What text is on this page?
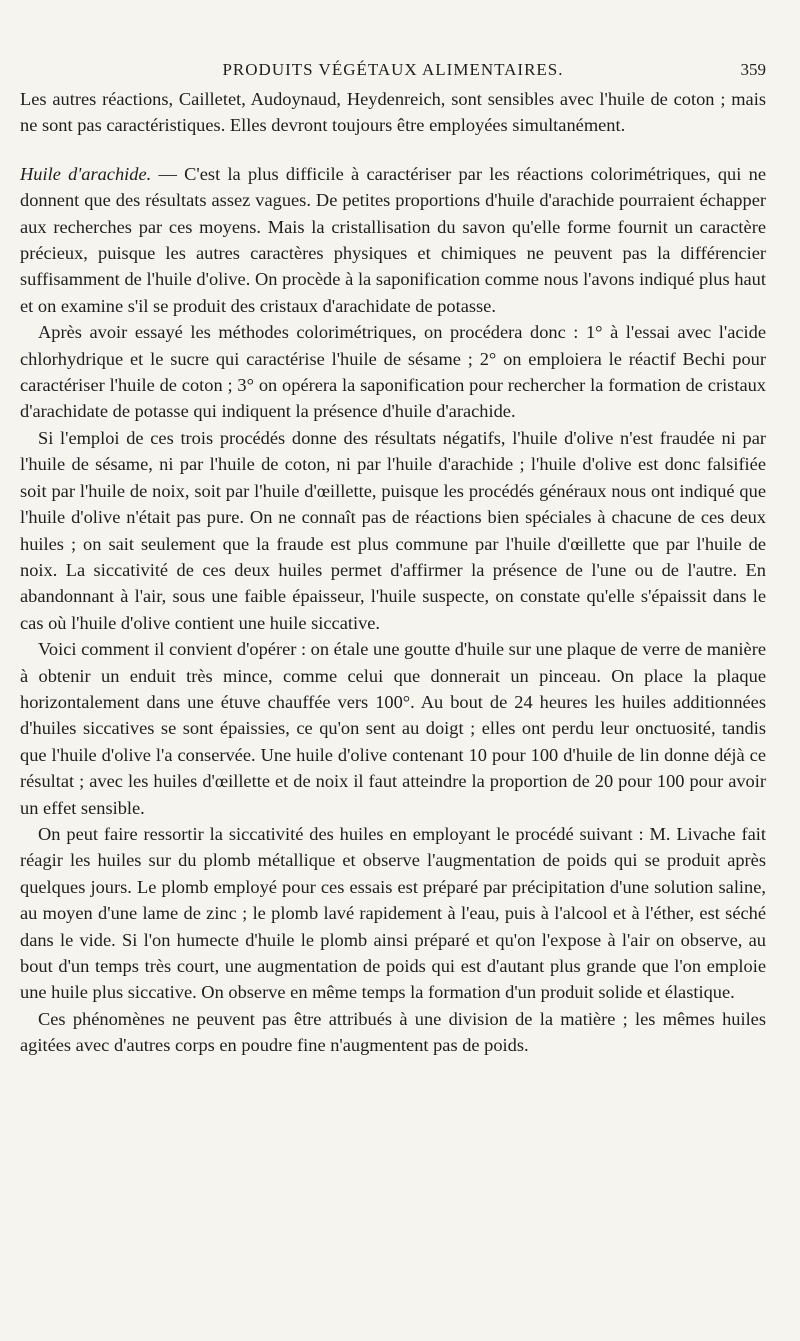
PRODUITS VÉGÉTAUX ALIMENTAIRES.	359

Les autres réactions, Cailletet, Audoynaud, Heydenreich, sont sensibles avec l'huile de coton ; mais ne sont pas caractéristiques. Elles devront toujours être employées simultanément.

Huile d'arachide. — C'est la plus difficile à caractériser par les réactions colorimétriques, qui ne donnent que des résultats assez vagues. De petites proportions d'huile d'arachide pourraient échapper aux recherches par ces moyens. Mais la cristallisation du savon qu'elle forme fournit un caractère précieux, puisque les autres caractères physiques et chimiques ne peuvent pas la différencier suffisamment de l'huile d'olive. On procède à la saponification comme nous l'avons indiqué plus haut et on examine s'il se produit des cristaux d'arachidate de potasse.

Après avoir essayé les méthodes colorimétriques, on procédera donc : 1° à l'essai avec l'acide chlorhydrique et le sucre qui caractérise l'huile de sésame ; 2° on emploiera le réactif Bechi pour caractériser l'huile de coton ; 3° on opérera la saponification pour rechercher la formation de cristaux d'arachidate de potasse qui indiquent la présence d'huile d'arachide.

Si l'emploi de ces trois procédés donne des résultats négatifs, l'huile d'olive n'est fraudée ni par l'huile de sésame, ni par l'huile de coton, ni par l'huile d'arachide ; l'huile d'olive est donc falsifiée soit par l'huile de noix, soit par l'huile d'œillette, puisque les procédés généraux nous ont indiqué que l'huile d'olive n'était pas pure. On ne connaît pas de réactions bien spéciales à chacune de ces deux huiles ; on sait seulement que la fraude est plus commune par l'huile d'œillette que par l'huile de noix. La siccativité de ces deux huiles permet d'affirmer la présence de l'une ou de l'autre. En abandonnant à l'air, sous une faible épaisseur, l'huile suspecte, on constate qu'elle s'épaissit dans le cas où l'huile d'olive contient une huile siccative.

Voici comment il convient d'opérer : on étale une goutte d'huile sur une plaque de verre de manière à obtenir un enduit très mince, comme celui que donnerait un pinceau. On place la plaque horizontalement dans une étuve chauffée vers 100°. Au bout de 24 heures les huiles additionnées d'huiles siccatives se sont épaissies, ce qu'on sent au doigt ; elles ont perdu leur onctuosité, tandis que l'huile d'olive l'a conservée. Une huile d'olive contenant 10 pour 100 d'huile de lin donne déjà ce résultat ; avec les huiles d'œillette et de noix il faut atteindre la proportion de 20 pour 100 pour avoir un effet sensible.

On peut faire ressortir la siccativité des huiles en employant le procédé suivant : M. Livache fait réagir les huiles sur du plomb métallique et observe l'augmentation de poids qui se produit après quelques jours. Le plomb employé pour ces essais est préparé par précipitation d'une solution saline, au moyen d'une lame de zinc ; le plomb lavé rapidement à l'eau, puis à l'alcool et à l'éther, est séché dans le vide. Si l'on humecte d'huile le plomb ainsi préparé et qu'on l'expose à l'air on observe, au bout d'un temps très court, une augmentation de poids qui est d'autant plus grande que l'on emploie une huile plus siccative. On observe en même temps la formation d'un produit solide et élastique.

Ces phénomènes ne peuvent pas être attribués à une division de la matière ; les mêmes huiles agitées avec d'autres corps en poudre fine n'augmentent pas de poids.
